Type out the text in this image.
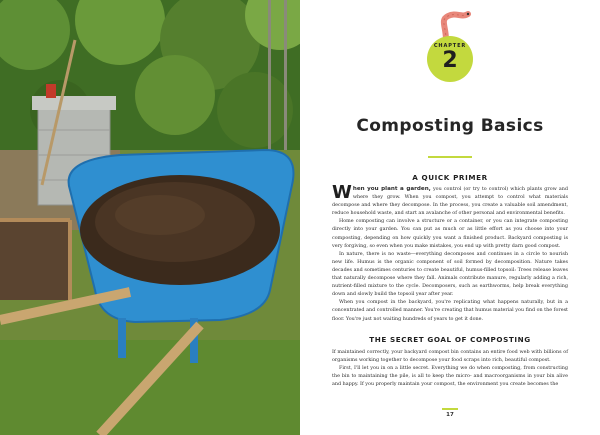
CHAPTER
2
Composting Basics
A QUICK PRIMER

When you plant a garden, you control (or try to control) which plants grow and where they grow. When you compost, you attempt to control what materials decompose and where they decompose. In the process, you create a valuable soil amendment, reduce household waste, and start an avalanche of other personal and environmental benefits.

Home composting can involve a structure or a container, or you can integrate composting directly into your garden. You can put as much or as little effort as you choose into your composting, depending on how quickly you want a finished product. Backyard composting is very forgiving, so even when you make mistakes, you end up with pretty darn good compost.

In nature, there is no waste—everything decomposes and continues in a circle to nourish new life. Humus is the organic component of soil formed by decomposition. Nature takes decades and sometimes centuries to create beautiful, humus-filled topsoil: Trees release leaves that naturally decompose where they fall. Animals contribute manure, regularly adding a rich, nutrient-filled mixture to the cycle. Decomposers, such as earthworms, help break everything down and slowly build the topsoil year after year.

When you compost in the backyard, you're replicating what happens naturally, but in a concentrated and controlled manner. You're creating that humus material you find on the forest floor. You're just not waiting hundreds of years to get it done.

THE SECRET GOAL OF COMPOSTING

If maintained correctly, your backyard compost bin contains an entire food web with billions of organisms working together to decompose your food scraps into rich, beautiful compost.

First, I'll let you in on a little secret. Everything we do when composting, from constructing the bin to maintaining the pile, is all to keep the micro- and macroorganisms in your bin alive and happy. If you properly maintain your compost, the environment you create becomes the

17
